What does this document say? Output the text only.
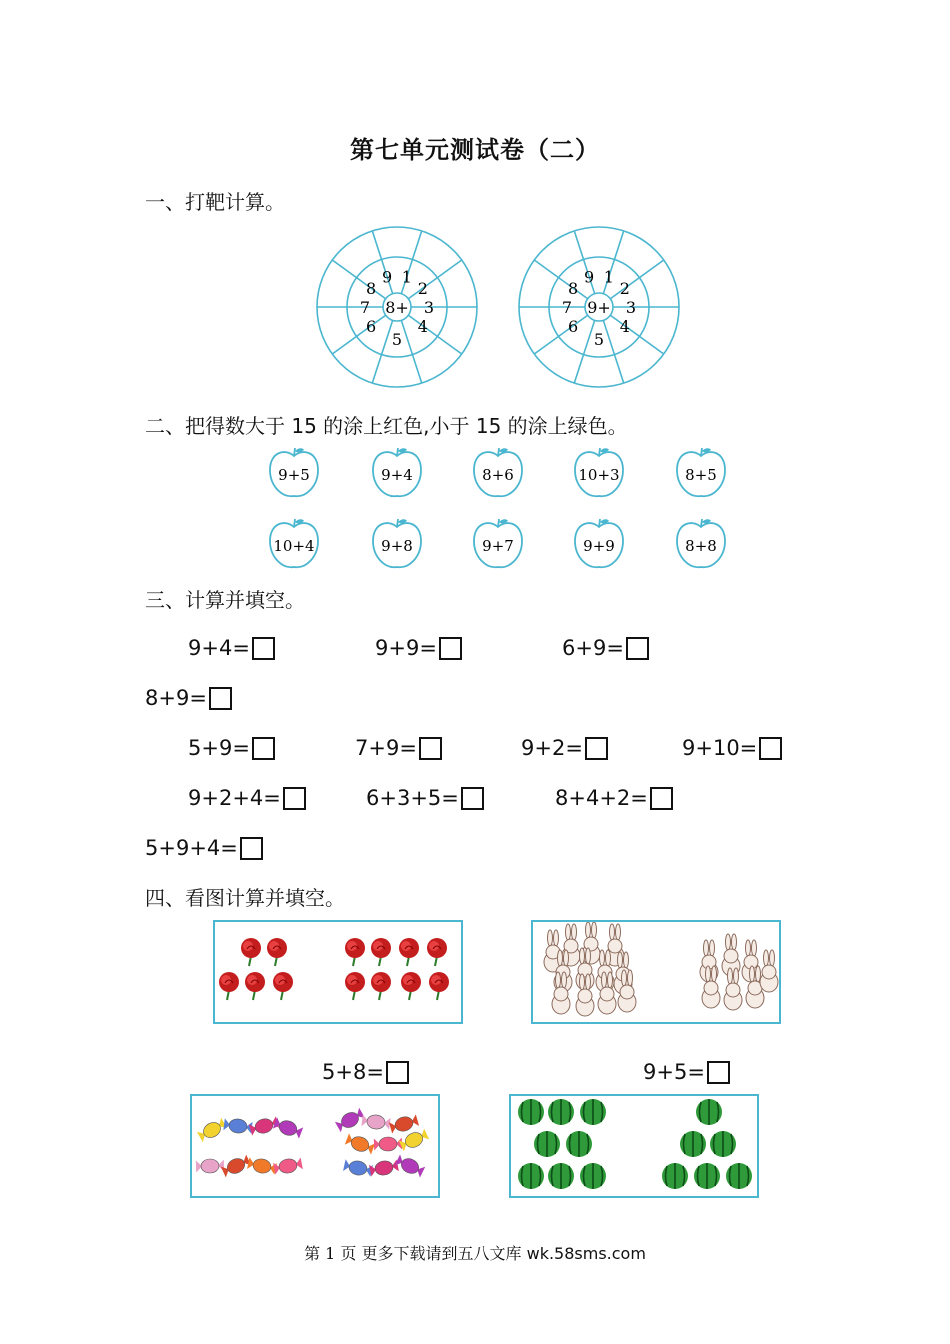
第七单元测试卷（二）
一、打靶计算。
8+
1
2
3
4
5
6
7
8
9
9+
1
2
3
4
5
6
7
8
9
二、把得数大于 15 的涂上红色,小于 15 的涂上绿色。
9+5	9+4	8+6	10+3	8+5
10+4	9+8	9+7	9+9	8+8
三、计算并填空。
9+4=	9+9=	6+9=
8+9=
5+9=	7+9=	9+2=	9+10=
9+2+4=	6+3+5=	8+4+2=
5+9+4=
四、看图计算并填空。
5+8=	9+5=
第 1 页 更多下载请到五八文库 wk.58sms.com
